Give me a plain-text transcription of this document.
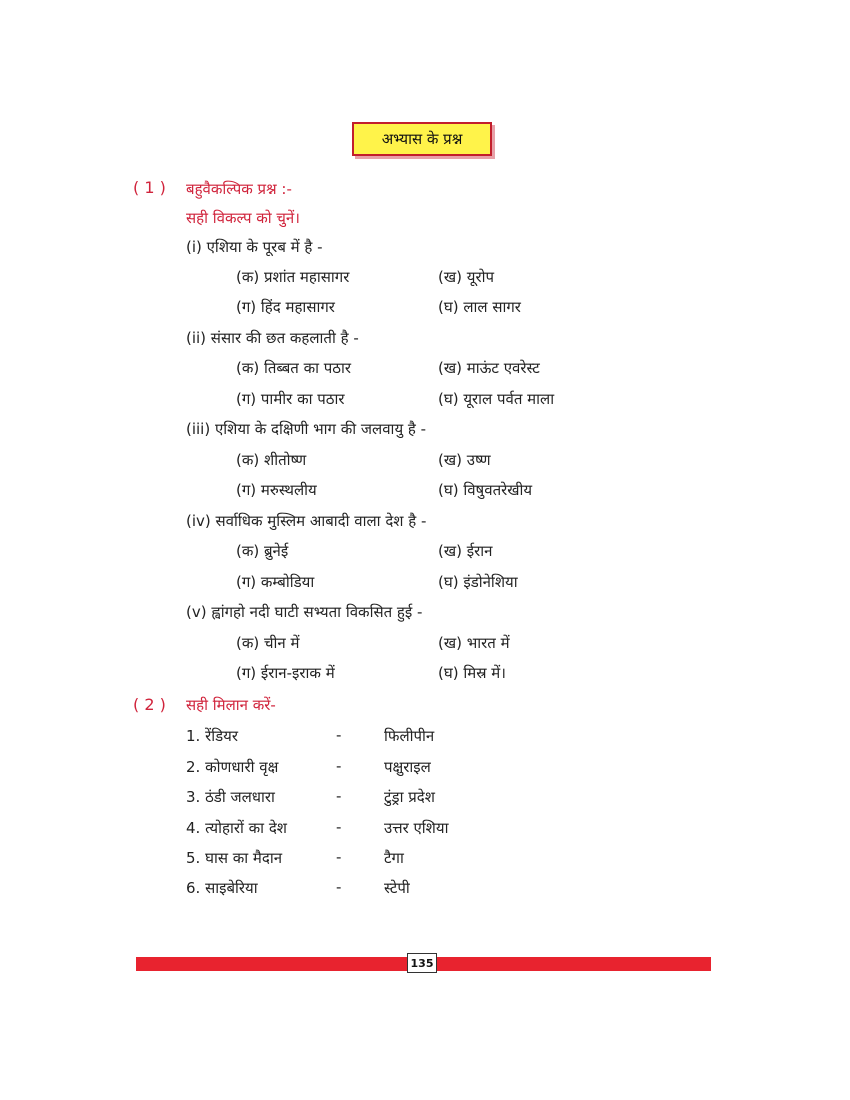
अभ्यास के प्रश्न
( 1 ) बहुवैकल्पिक प्रश्न :-
सही विकल्प को चुनें।
(i) एशिया के पूरब में है -
(क) प्रशांत महासागर	(ख) यूरोप
(ग) हिंद महासागर	(घ) लाल सागर
(ii) संसार की छत कहलाती है -
(क) तिब्बत का पठार	(ख) माऊंट एवरेस्ट
(ग) पामीर का पठार	(घ) यूराल पर्वत माला
(iii) एशिया के दक्षिणी भाग की जलवायु है -
(क) शीतोष्ण	(ख) उष्ण
(ग) मरुस्थलीय	(घ) विषुवतरेखीय
(iv) सर्वाधिक मुस्लिम आबादी वाला देश है -
(क) ब्रुनेई	(ख) ईरान
(ग) कम्बोडिया	(घ) इंडोनेशिया
(v) ह्वांगहो नदी घाटी सभ्यता विकसित हुई -
(क) चीन में	(ख) भारत में
(ग) ईरान-इराक में	(घ) मिस्र में।
( 2 ) सही मिलान करें-
1. रेंडियर	-	फिलीपीन
2. कोणधारी वृक्ष	-	पक्षुराइल
3. ठंडी जलधारा	-	टुंड्रा प्रदेश
4. त्योहारों का देश	-	उत्तर एशिया
5. घास का मैदान	-	टैगा
6. साइबेरिया	-	स्टेपी
135
